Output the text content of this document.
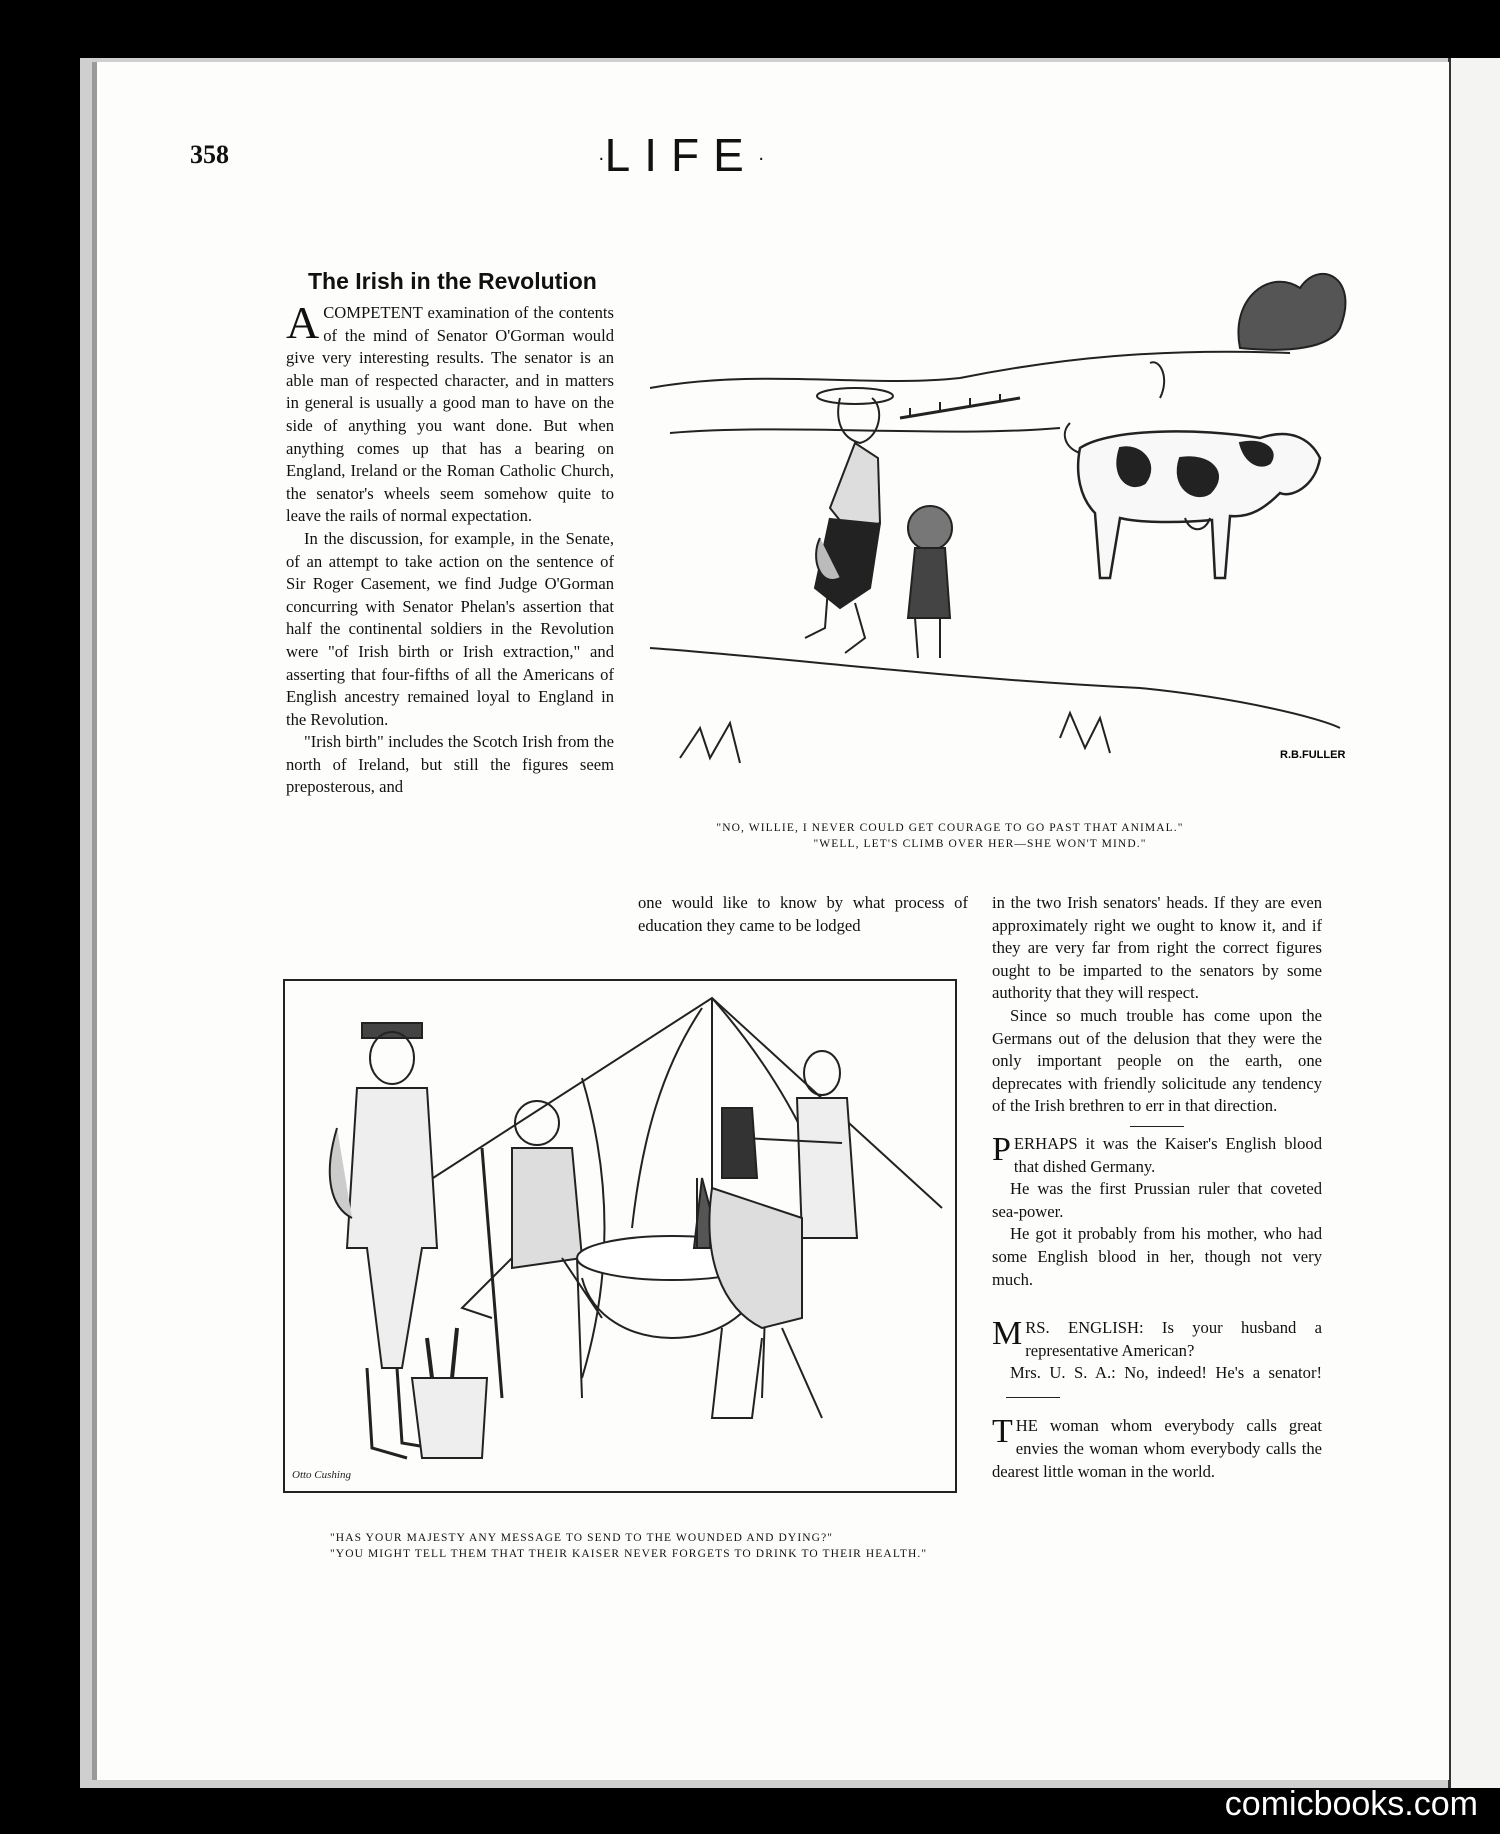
358	·LIFE·
The Irish in the Revolution

ACOMPETENT examination of the contents of the mind of Senator O'Gorman would give very interesting results. The senator is an able man of respected character, and in matters in general is usually a good man to have on the side of anything you want done. But when anything comes up that has a bearing on England, Ireland or the Roman Catholic Church, the senator's wheels seem somehow quite to leave the rails of normal expectation.

In the discussion, for example, in the Senate, of an attempt to take action on the sentence of Sir Roger Casement, we find Judge O'Gorman concurring with Senator Phelan's assertion that half the continental soldiers in the Revolution were "of Irish birth or Irish extraction," and asserting that four-fifths of all the Americans of English ancestry remained loyal to England in the Revolution.

"Irish birth" includes the Scotch Irish from the north of Ireland, but still the figures seem preposterous, and

one would like to know by what process of education they came to be lodged

R.B.FULLER
"NO, WILLIE, I NEVER COULD GET COURAGE TO GO PAST THAT ANIMAL."
"WELL, LET'S CLIMB OVER HER—SHE WON'T MIND."

in the two Irish senators' heads. If they are even approximately right we ought to know it, and if they are very far from right the correct figures ought to be imparted to the senators by some authority that they will respect.

Since so much trouble has come upon the Germans out of the delusion that they were the only important people on the earth, one deprecates with friendly solicitude any tendency of the Irish brethren to err in that direction.

PERHAPS it was the Kaiser's English blood that dished Germany.

He was the first Prussian ruler that coveted sea-power.

He got it probably from his mother, who had some English blood in her, though not very much.

MRS. ENGLISH: Is your husband a representative American?

Mrs. U. S. A.: No, indeed! He's a senator!

THE woman whom everybody calls great envies the woman whom everybody calls the dearest little woman in the world.

Otto Cushing
"HAS YOUR MAJESTY ANY MESSAGE TO SEND TO THE WOUNDED AND DYING?"
"YOU MIGHT TELL THEM THAT THEIR KAISER NEVER FORGETS TO DRINK TO THEIR HEALTH."
comicbooks.com
